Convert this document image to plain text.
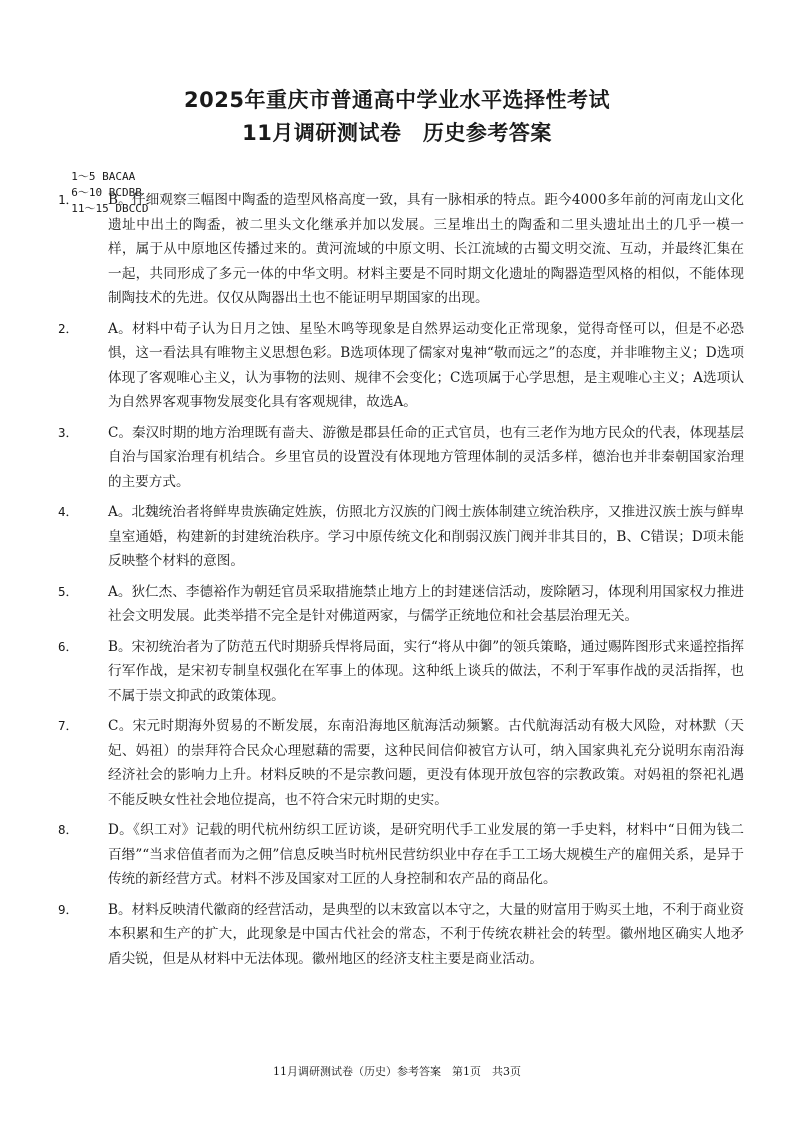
2025年重庆市普通高中学业水平选择性考试
11月调研测试卷　历史参考答案

1～5 BACAA
6～10 BCDBB
11～15 DBCCD

1． B。仔细观察三幅图中陶盉的造型风格高度一致，具有一脉相承的特点。距今4000多年前的河南龙山文化遗址中出土的陶盉，被二里头文化继承并加以发展。三星堆出土的陶盉和二里头遗址出土的几乎一模一样，属于从中原地区传播过来的。黄河流域的中原文明、长江流域的古蜀文明交流、互动，并最终汇集在一起，共同形成了多元一体的中华文明。材料主要是不同时期文化遗址的陶器造型风格的相似，不能体现制陶技术的先进。仅仅从陶器出土也不能证明早期国家的出现。
2． A。材料中荀子认为日月之蚀、星坠木鸣等现象是自然界运动变化正常现象，觉得奇怪可以，但是不必恐惧，这一看法具有唯物主义思想色彩。B选项体现了儒家对鬼神“敬而远之”的态度，并非唯物主义；D选项体现了客观唯心主义，认为事物的法则、规律不会变化；C选项属于心学思想，是主观唯心主义；A选项认为自然界客观事物发展变化具有客观规律，故选A。
3． C。秦汉时期的地方治理既有啬夫、游徼是郡县任命的正式官员，也有三老作为地方民众的代表，体现基层自治与国家治理有机结合。乡里官员的设置没有体现地方管理体制的灵活多样，德治也并非秦朝国家治理的主要方式。
4． A。北魏统治者将鲜卑贵族确定姓族，仿照北方汉族的门阀士族体制建立统治秩序，又推进汉族士族与鲜卑皇室通婚，构建新的封建统治秩序。学习中原传统文化和削弱汉族门阀并非其目的，B、C错误；D项未能反映整个材料的意图。
5． A。狄仁杰、李德裕作为朝廷官员采取措施禁止地方上的封建迷信活动，废除陋习，体现利用国家权力推进社会文明发展。此类举措不完全是针对佛道两家，与儒学正统地位和社会基层治理无关。
6． B。宋初统治者为了防范五代时期骄兵悍将局面，实行“将从中御”的领兵策略，通过赐阵图形式来遥控指挥行军作战，是宋初专制皇权强化在军事上的体现。这种纸上谈兵的做法，不利于军事作战的灵活指挥，也不属于崇文抑武的政策体现。
7． C。宋元时期海外贸易的不断发展，东南沿海地区航海活动频繁。古代航海活动有极大风险，对林默（天妃、妈祖）的崇拜符合民众心理慰藉的需要，这种民间信仰被官方认可，纳入国家典礼充分说明东南沿海经济社会的影响力上升。材料反映的不是宗教问题，更没有体现开放包容的宗教政策。对妈祖的祭祀礼遇不能反映女性社会地位提高，也不符合宋元时期的史实。
8． D。《织工对》记载的明代杭州纺织工匠访谈，是研究明代手工业发展的第一手史料，材料中“日佣为钱二百缗”“当求倍值者而为之佣”信息反映当时杭州民营纺织业中存在手工工场大规模生产的雇佣关系，是异于传统的新经营方式。材料不涉及国家对工匠的人身控制和农产品的商品化。
9． B。材料反映清代徽商的经营活动，是典型的以末致富以本守之，大量的财富用于购买土地，不利于商业资本积累和生产的扩大，此现象是中国古代社会的常态，不利于传统农耕社会的转型。徽州地区确实人地矛盾尖锐，但是从材料中无法体现。徽州地区的经济支柱主要是商业活动。
11月调研测试卷（历史）参考答案　第1页　共3页
